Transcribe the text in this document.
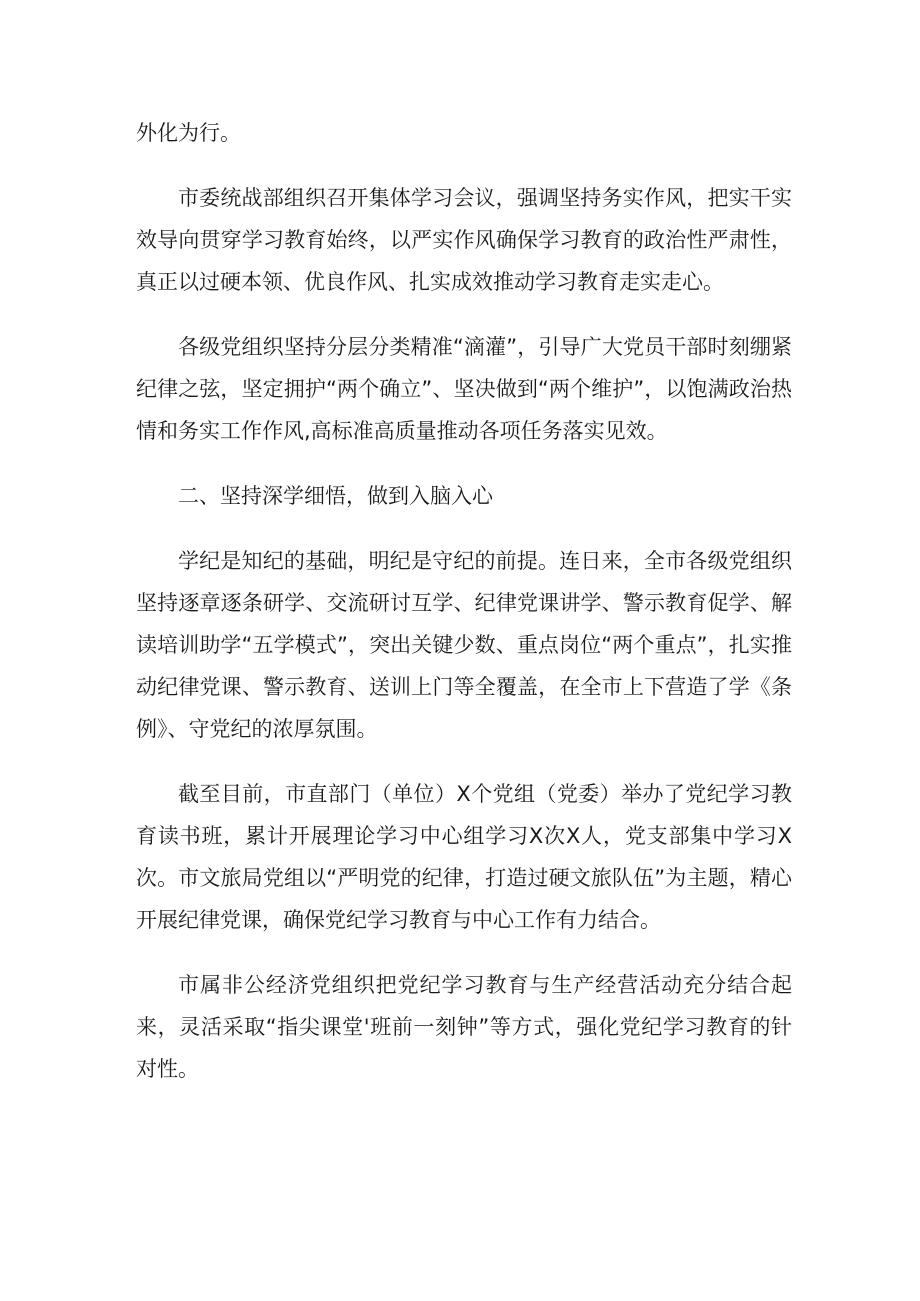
外化为行。

市委统战部组织召开集体学习会议，强调坚持务实作风，把实干实效导向贯穿学习教育始终，以严实作风确保学习教育的政治性严肃性，真正以过硬本领、优良作风、扎实成效推动学习教育走实走心。

各级党组织坚持分层分类精准“滴灌”，引导广大党员干部时刻绷紧纪律之弦，坚定拥护“两个确立”、坚决做到“两个维护”，以饱满政治热情和务实工作作风,高标准高质量推动各项任务落实见效。

二、坚持深学细悟，做到入脑入心

学纪是知纪的基础，明纪是守纪的前提。连日来，全市各级党组织坚持逐章逐条研学、交流研讨互学、纪律党课讲学、警示教育促学、解读培训助学“五学模式”，突出关键少数、重点岗位“两个重点”，扎实推动纪律党课、警示教育、送训上门等全覆盖，在全市上下营造了学《条例》、守党纪的浓厚氛围。

截至目前，市直部门（单位）X个党组（党委）举办了党纪学习教育读书班，累计开展理论学习中心组学习X次X人，党支部集中学习X次。市文旅局党组以“严明党的纪律，打造过硬文旅队伍”为主题，精心开展纪律党课，确保党纪学习教育与中心工作有力结合。

市属非公经济党组织把党纪学习教育与生产经营活动充分结合起来，灵活采取“指尖课堂'班前一刻钟”等方式，强化党纪学习教育的针对性。
